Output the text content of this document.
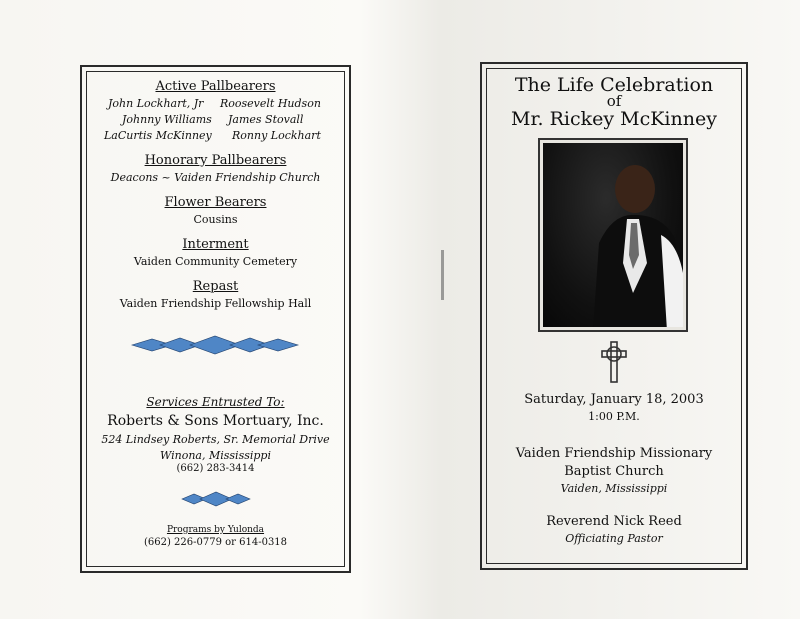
Active Pallbearers
John Lockhart, Jr Roosevelt Hudson
Johnny Williams James Stovall
LaCurtis McKinney Ronny Lockhart
Honorary Pallbearers
Deacons ~ Vaiden Friendship Church
Flower Bearers
Cousins
Interment
Vaiden Community Cemetery
Repast
Vaiden Friendship Fellowship Hall
Services Entrusted To:
Roberts & Sons Mortuary, Inc.
524 Lindsey Roberts, Sr. Memorial Drive
Winona, Mississippi
(662) 283-3414
Programs by Yulonda
(662) 226-0779 or 614-0318
The Life Celebration
of
Mr. Rickey McKinney
Saturday, January 18, 2003
1:00 P.M.
Vaiden Friendship Missionary
Baptist Church
Vaiden, Mississippi
Reverend Nick Reed
Officiating Pastor
